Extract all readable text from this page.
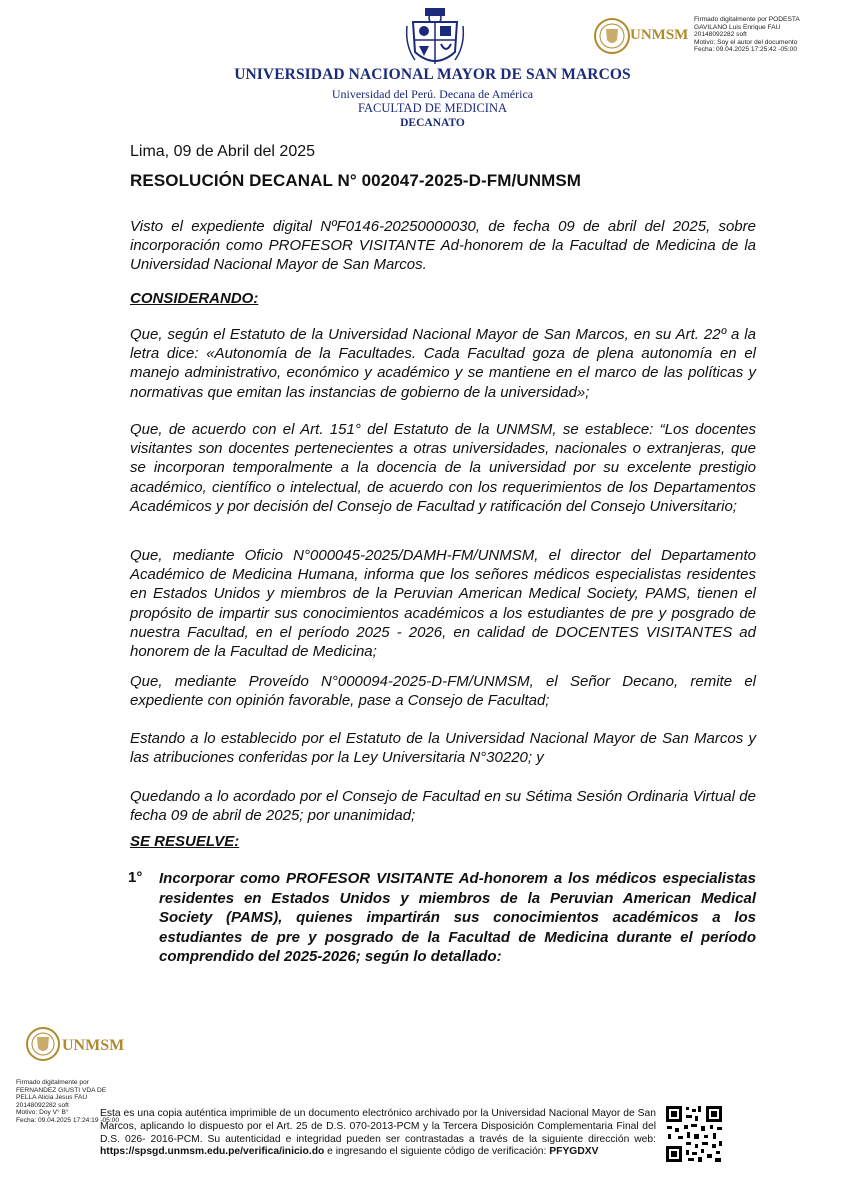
UNIVERSIDAD NACIONAL MAYOR DE SAN MARCOS
Universidad del Perú. Decana de América
FACULTAD DE MEDICINA
DECANATO
UNMSM
Firmado digitalmente por PODESTA
GAVILANO Luis Enrique FAU
20148092282 soft
Motivo: Soy el autor del documento
Fecha: 09.04.2025 17:25:42 -05:00
Lima, 09 de Abril del 2025
RESOLUCIÓN DECANAL N° 002047-2025-D-FM/UNMSM
Visto el expediente digital NºF0146-20250000030, de fecha 09 de abril del 2025, sobre incorporación como PROFESOR VISITANTE Ad-honorem de la Facultad de Medicina de la Universidad Nacional Mayor de San Marcos.
CONSIDERANDO:
Que, según el Estatuto de la Universidad Nacional Mayor de San Marcos, en su Art. 22º a la letra dice: «Autonomía de la Facultades. Cada Facultad goza de plena autonomía en el manejo administrativo, económico y académico y se mantiene en el marco de las políticas y normativas que emitan las instancias de gobierno de la universidad»;
Que, de acuerdo con el Art. 151° del Estatuto de la UNMSM, se establece: “Los docentes visitantes son docentes pertenecientes a otras universidades, nacionales o extranjeras, que se incorporan temporalmente a la docencia de la universidad por su excelente prestigio académico, científico o intelectual, de acuerdo con los requerimientos de los Departamentos Académicos y por decisión del Consejo de Facultad y ratificación del Consejo Universitario;
Que, mediante Oficio N°000045-2025/DAMH-FM/UNMSM, el director del Departamento Académico de Medicina Humana, informa que los señores médicos especialistas residentes en Estados Unidos y miembros de la Peruvian American Medical Society, PAMS, tienen el propósito de impartir sus conocimientos académicos a los estudiantes de pre y posgrado de nuestra Facultad, en el período 2025 - 2026, en calidad de DOCENTES VISITANTES ad honorem de la Facultad de Medicina;
Que, mediante Proveído N°000094-2025-D-FM/UNMSM, el Señor Decano, remite el expediente con opinión favorable, pase a Consejo de Facultad;
Estando a lo establecido por el Estatuto de la Universidad Nacional Mayor de San Marcos y las atribuciones conferidas por la Ley Universitaria N°30220; y
Quedando a lo acordado por el Consejo de Facultad en su Sétima Sesión Ordinaria Virtual de fecha 09 de abril de 2025; por unanimidad;
SE RESUELVE:
1° Incorporar como PROFESOR VISITANTE Ad-honorem a los médicos especialistas residentes en Estados Unidos y miembros de la Peruvian American Medical Society (PAMS), quienes impartirán sus conocimientos académicos a los estudiantes de pre y posgrado de la Facultad de Medicina durante el período comprendido del 2025-2026; según lo detallado:
UNMSM
Firmado digitalmente por
FERNANDEZ GIUSTI VDA DE
PELLA Alicia Jesus FAU
20148092282 soft
Motivo: Doy V° B°
Fecha: 09.04.2025 17:24:19 -05:00
Esta es una copia auténtica imprimible de un documento electrónico archivado por la Universidad Nacional Mayor de San Marcos, aplicando lo dispuesto por el Art. 25 de D.S. 070-2013-PCM y la Tercera Disposición Complementaria Final del D.S. 026- 2016-PCM. Su autenticidad e integridad pueden ser contrastadas a través de la siguiente dirección web: https://spsgd.unmsm.edu.pe/verifica/inicio.do e ingresando el siguiente código de verificación: PFYGDXV
